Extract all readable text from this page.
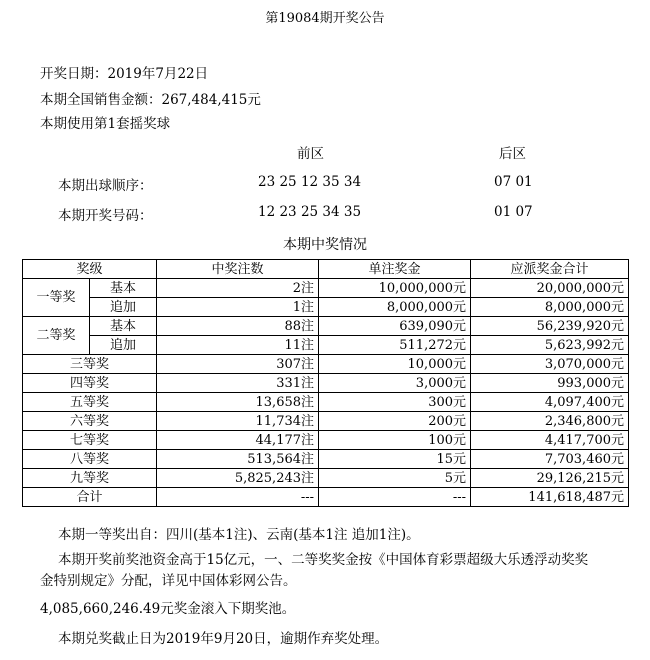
第19084期开奖公告
开奖日期：2019年7月22日
本期全国销售金额：267,484,415元
本期使用第1套摇奖球
前区	后区
本期出球顺序：	23 25 12 35 34	07 01
本期开奖号码：	12 23 25 34 35	01 07
本期中奖情况
奖级		中奖注数	单注奖金	应派奖金合计
一等奖	基本	2注	10,000,000元	20,000,000元
	追加	1注	8,000,000元	8,000,000元
二等奖	基本	88注	639,090元	56,239,920元
	追加	11注	511,272元	5,623,992元
三等奖		307注	10,000元	3,070,000元
四等奖		331注	3,000元	993,000元
五等奖		13,658注	300元	4,097,400元
六等奖		11,734注	200元	2,346,800元
七等奖		44,177注	100元	4,417,700元
八等奖		513,564注	15元	7,703,460元
九等奖		5,825,243注	5元	29,126,215元
合计		---	---	141,618,487元
本期一等奖出自：四川(基本1注)、云南(基本1注 追加1注)。
本期开奖前奖池资金高于15亿元，一、二等奖奖金按《中国体育彩票超级大乐透浮动奖奖
金特别规定》分配，详见中国体彩网公告。
4,085,660,246.49元奖金滚入下期奖池。
本期兑奖截止日为2019年9月20日，逾期作弃奖处理。
